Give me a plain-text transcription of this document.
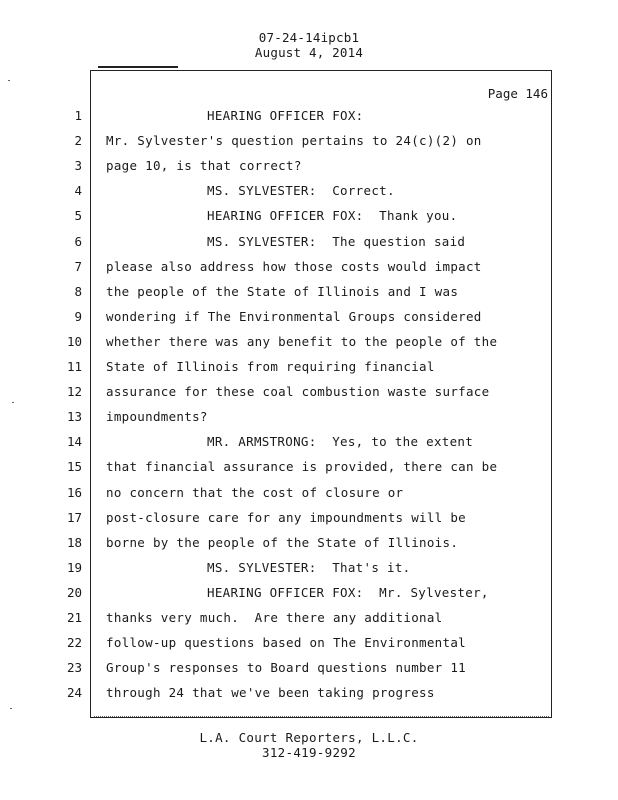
07-24-14ipcb1
August 4, 2014
Page 146
1	HEARING OFFICER FOX:
2 Mr. Sylvester's question pertains to 24(c)(2) on
3 page 10, is that correct?
4	MS. SYLVESTER:  Correct.
5	HEARING OFFICER FOX:  Thank you.
6	MS. SYLVESTER:  The question said
7 please also address how those costs would impact
8 the people of the State of Illinois and I was
9 wondering if The Environmental Groups considered
10 whether there was any benefit to the people of the
11 State of Illinois from requiring financial
12 assurance for these coal combustion waste surface
13 impoundments?
14	MR. ARMSTRONG:  Yes, to the extent
15 that financial assurance is provided, there can be
16 no concern that the cost of closure or
17 post-closure care for any impoundments will be
18 borne by the people of the State of Illinois.
19	MS. SYLVESTER:  That's it.
20	HEARING OFFICER FOX:  Mr. Sylvester,
21 thanks very much.  Are there any additional
22 follow-up questions based on The Environmental
23 Group's responses to Board questions number 11
24 through 24 that we've been taking progress
L.A. Court Reporters, L.L.C.
312-419-9292
